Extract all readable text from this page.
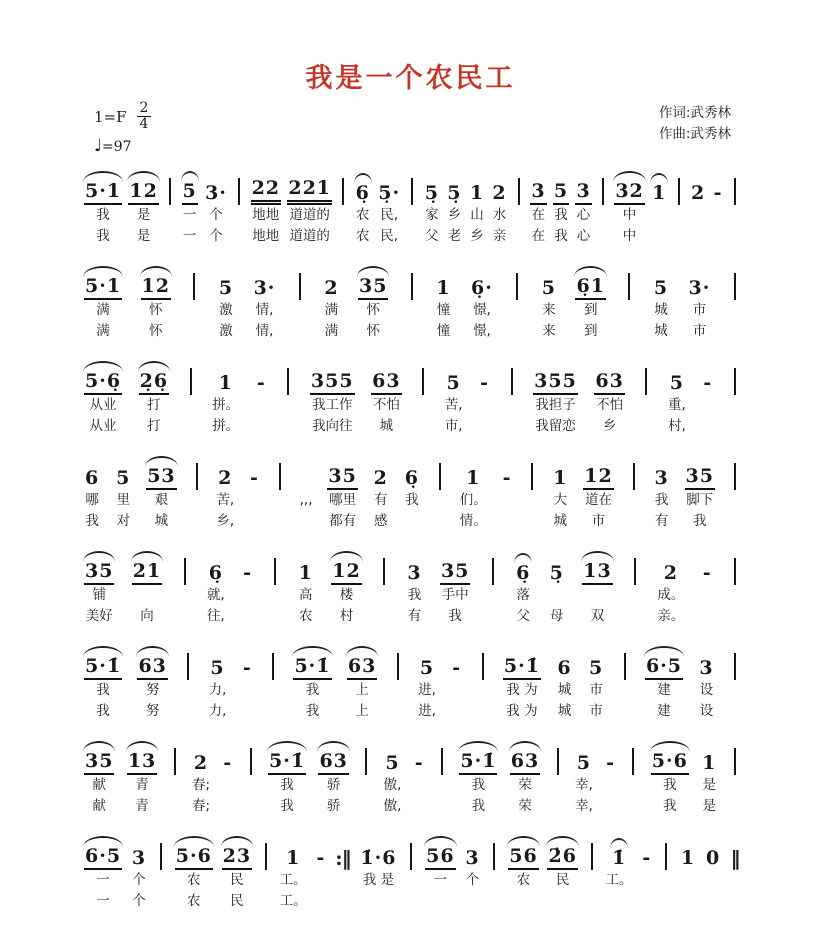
我是一个农民工
1=F 2
4
♩=97
作词:武秀林
作曲:武秀林
5·1
我
我
12
是
是
5
一
一
3·
个
个
22
地地
地地
221
道道的
道道的
6̣
农
农
5̣·
民,
民,
5̣
家
父
5̣
乡
老
1
山
乡
2
水
亲
3
在
在
5
我
我
3
心
心
32
中
中
1 2 -
5·1
满
满
12
怀
怀
5
激
激
3·
情,
情,
2
满
满
35
怀
怀
1
憧
憧
6̣·
憬,
憬,
5
来
来
6̣1
到
到
5
城
城
3·
市
市
5·6̣
从业
从业
2̣6̣
打
打
1
拼。
拼。
- 355
我工作
我向往
63
不怕
城
5
苦,
市,
- 355
我担子
我留恋
63
不怕
乡
5
重,
村,
-
6
哪
我
5
里
对
53
艰
城
2
苦,
乡,
-
,,,
35
哪里
都有
2
有
感
6̣
我
1
们。
情。
- 1
大
城
12
道在
市
3
我
有
35
脚下
我
35
铺
美好
21
向
6̣
就,
往,
- 1
高
农
12
楼
村
3
我
有
35
手中
我
6̣
落
父
5̣
母
13
双
2
成。
亲。
-
5·1̇
我
我
63
努
努
5
力,
力,
- 5·1̇
我
我
63
上
上
5
进,
进,
- 5·1̇
我 为
我 为
6
城
城
5
市
市
6·5
建
建
3
设
设
35
献
献
13
青
青
2
春;
春;
- 5·1̇
我
我
63
骄
骄
5
傲,
傲,
- 5·1̇
我
我
63
荣
荣
5
幸,
幸,
- 5·6
我
我
1
是
是
6·5
一
一
3
个
个
5·6
农
农
23
民
民
1
工。
工。
- :‖ 1̇·6
我 是
56
一
3
个
56
农
2̇6
民
1̇
工。
- 1 0 ‖
